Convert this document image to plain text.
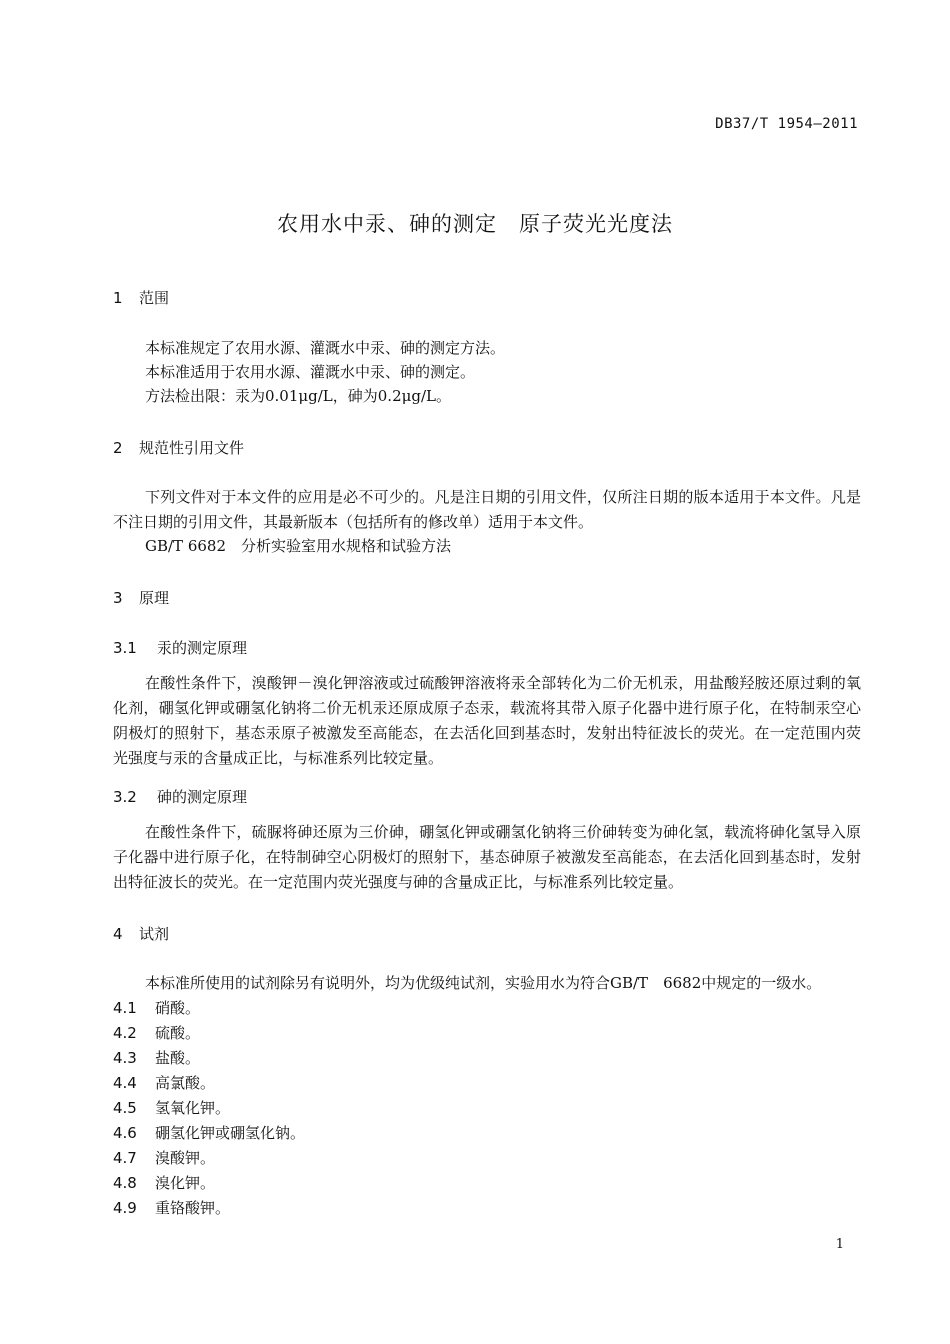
DB37/T 1954—2011
农用水中汞、砷的测定　原子荧光光度法
1 范围
本标准规定了农用水源、灌溉水中汞、砷的测定方法。
本标准适用于农用水源、灌溉水中汞、砷的测定。
方法检出限：汞为0.01μg/L，砷为0.2μg/L。
2 规范性引用文件
下列文件对于本文件的应用是必不可少的。凡是注日期的引用文件，仅所注日期的版本适用于本文件。凡是不注日期的引用文件，其最新版本（包括所有的修改单）适用于本文件。
GB/T 6682　分析实验室用水规格和试验方法
3 原理
3.1 汞的测定原理
在酸性条件下，溴酸钾－溴化钾溶液或过硫酸钾溶液将汞全部转化为二价无机汞，用盐酸羟胺还原过剩的氧化剂，硼氢化钾或硼氢化钠将二价无机汞还原成原子态汞，载流将其带入原子化器中进行原子化，在特制汞空心阴极灯的照射下，基态汞原子被激发至高能态，在去活化回到基态时，发射出特征波长的荧光。在一定范围内荧光强度与汞的含量成正比，与标准系列比较定量。
3.2 砷的测定原理
在酸性条件下，硫脲将砷还原为三价砷，硼氢化钾或硼氢化钠将三价砷转变为砷化氢，载流将砷化氢导入原子化器中进行原子化，在特制砷空心阴极灯的照射下，基态砷原子被激发至高能态，在去活化回到基态时，发射出特征波长的荧光。在一定范围内荧光强度与砷的含量成正比，与标准系列比较定量。
4 试剂
本标准所使用的试剂除另有说明外，均为优级纯试剂，实验用水为符合GB/T　6682中规定的一级水。
4.1 硝酸。
4.2 硫酸。
4.3 盐酸。
4.4 高氯酸。
4.5 氢氧化钾。
4.6 硼氢化钾或硼氢化钠。
4.7 溴酸钾。
4.8 溴化钾。
4.9 重铬酸钾。
1
